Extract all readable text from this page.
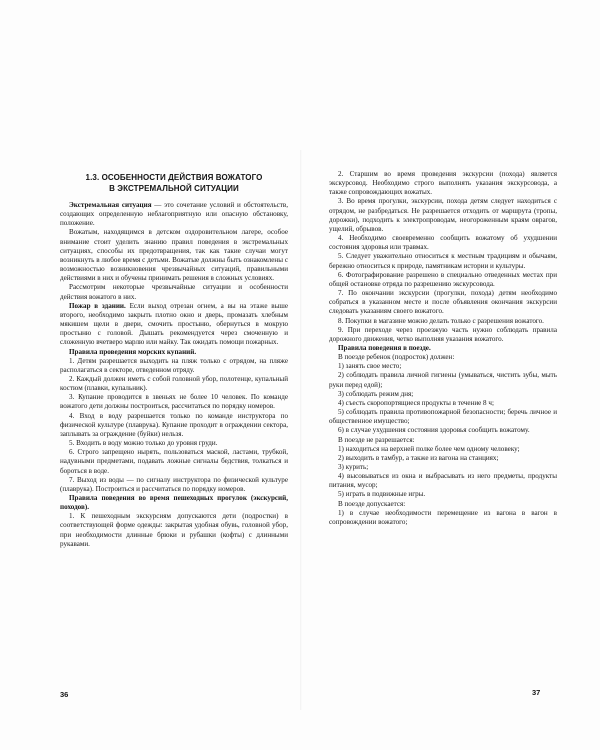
1.3. ОСОБЕННОСТИ ДЕЙСТВИЯ ВОЖАТОГО
В ЭКСТРЕМАЛЬНОЙ СИТУАЦИИ

Экстремальная ситуация — это сочетание условий и обстоятельств, создающих определенную неблагоприятную или опасную обстановку, положение.

Вожатым, находящимся в детском оздоровительном лагере, особое внимание стоит уделить знанию правил поведения в экстремальных ситуациях, способы их предотвращения, так как такие случаи могут возникнуть в любое время с детьми. Вожатые должны быть ознакомлены с возможностью возникновения чрезвычайных ситуаций, правильными действиями в них и обучены принимать решения в сложных условиях.

Рассмотрим некоторые чрезвычайные ситуации и особенности действия вожатого в них.

Пожар в здании. Если выход отрезан огнем, а вы на этаже выше второго, необходимо закрыть плотно окно и дверь, промазать хлебным мякишем щели в двери, смочить простыню, обернуться в мокрую простыню с головой. Дышать рекомендуется через смоченную и сложенную вчетверо марлю или майку. Так ожидать помощи пожарных.

Правила проведения морских купаний.

1. Детям разрешается выходить на пляж только с отрядом, на пляже располагаться в секторе, отведенном отряду.

2. Каждый должен иметь с собой головной убор, полотенце, купальный костюм (плавки, купальник).

3. Купание проводится в звеньях не более 10 человек. По команде вожатого дети должны построиться, рассчитаться по порядку номеров.

4. Вход в воду разрешается только по команде инструктора по физической культуре (плаврука). Купание проходит в ограждении сектора, заплывать за ограждение (буйки) нельзя.

5. Входить в воду можно только до уровня груди.

6. Строго запрещено нырять, пользоваться маской, ластами, трубкой, надувными предметами, подавать ложные сигналы бедствия, толкаться и бороться в воде.

7. Выход из воды — по сигналу инструктора по физической культуре (плаврука). Построиться и рассчитаться по порядку номеров.

Правила поведения во время пешеходных прогулок (экскурсий, походов).

1. К пешеходным экскурсиям допускаются дети (подростки) в соответствующей форме одежды: закрытая удобная обувь, головной убор, при необходимости длинные брюки и рубашки (кофты) с длинными рукавами.

2. Старшим во время проведения экскурсии (похода) является экскурсовод. Необходимо строго выполнять указания экскурсовода, а также сопровождающих вожатых.

3. Во время прогулки, экскурсии, похода детям следует находиться с отрядом, не разбредаться. Не разрешается отходить от маршрута (тропы, дорожки), подходить к электропроводам, неогороженным краям оврагов, ущелий, обрывов.

4. Необходимо своевременно сообщить вожатому об ухудшении состояния здоровья или травмах.

5. Следует уважительно относиться к местным традициям и обычаям, бережно относиться к природе, памятникам истории и культуры.

6. Фотографирование разрешено в специально отведенных местах при общей остановке отряда по разрешению экскурсовода.

7. По окончании экскурсии (прогулки, похода) детям необходимо собраться в указанном месте и после объявления окончания экскурсии следовать указаниям своего вожатого.

8. Покупки в магазине можно делать только с разрешения вожатого.

9. При переходе через проезжую часть нужно соблюдать правила дорожного движения, четко выполняя указания вожатого.

Правила поведения в поезде.

В поезде ребенок (подросток) должен:

1) занять свое место;

2) соблюдать правила личной гигиены (умываться, чистить зубы, мыть руки перед едой);

3) соблюдать режим дня;

4) съесть скоропортящиеся продукты в течение 8 ч;

5) соблюдать правила противопожарной безопасности; беречь личное и общественное имущество;

6) в случае ухудшения состояния здоровья сообщить вожатому.

В поезде не разрешается:

1) находиться на верхней полке более чем одному человеку;

2) выходить в тамбур, а также из вагона на станциях;

3) курить;

4) высовываться из окна и выбрасывать из него предметы, продукты питания, мусор;

5) играть в подвижные игры.

В поезде допускается:

1) в случае необходимости перемещение из вагона в вагон в сопровождении вожатого;

36	37
